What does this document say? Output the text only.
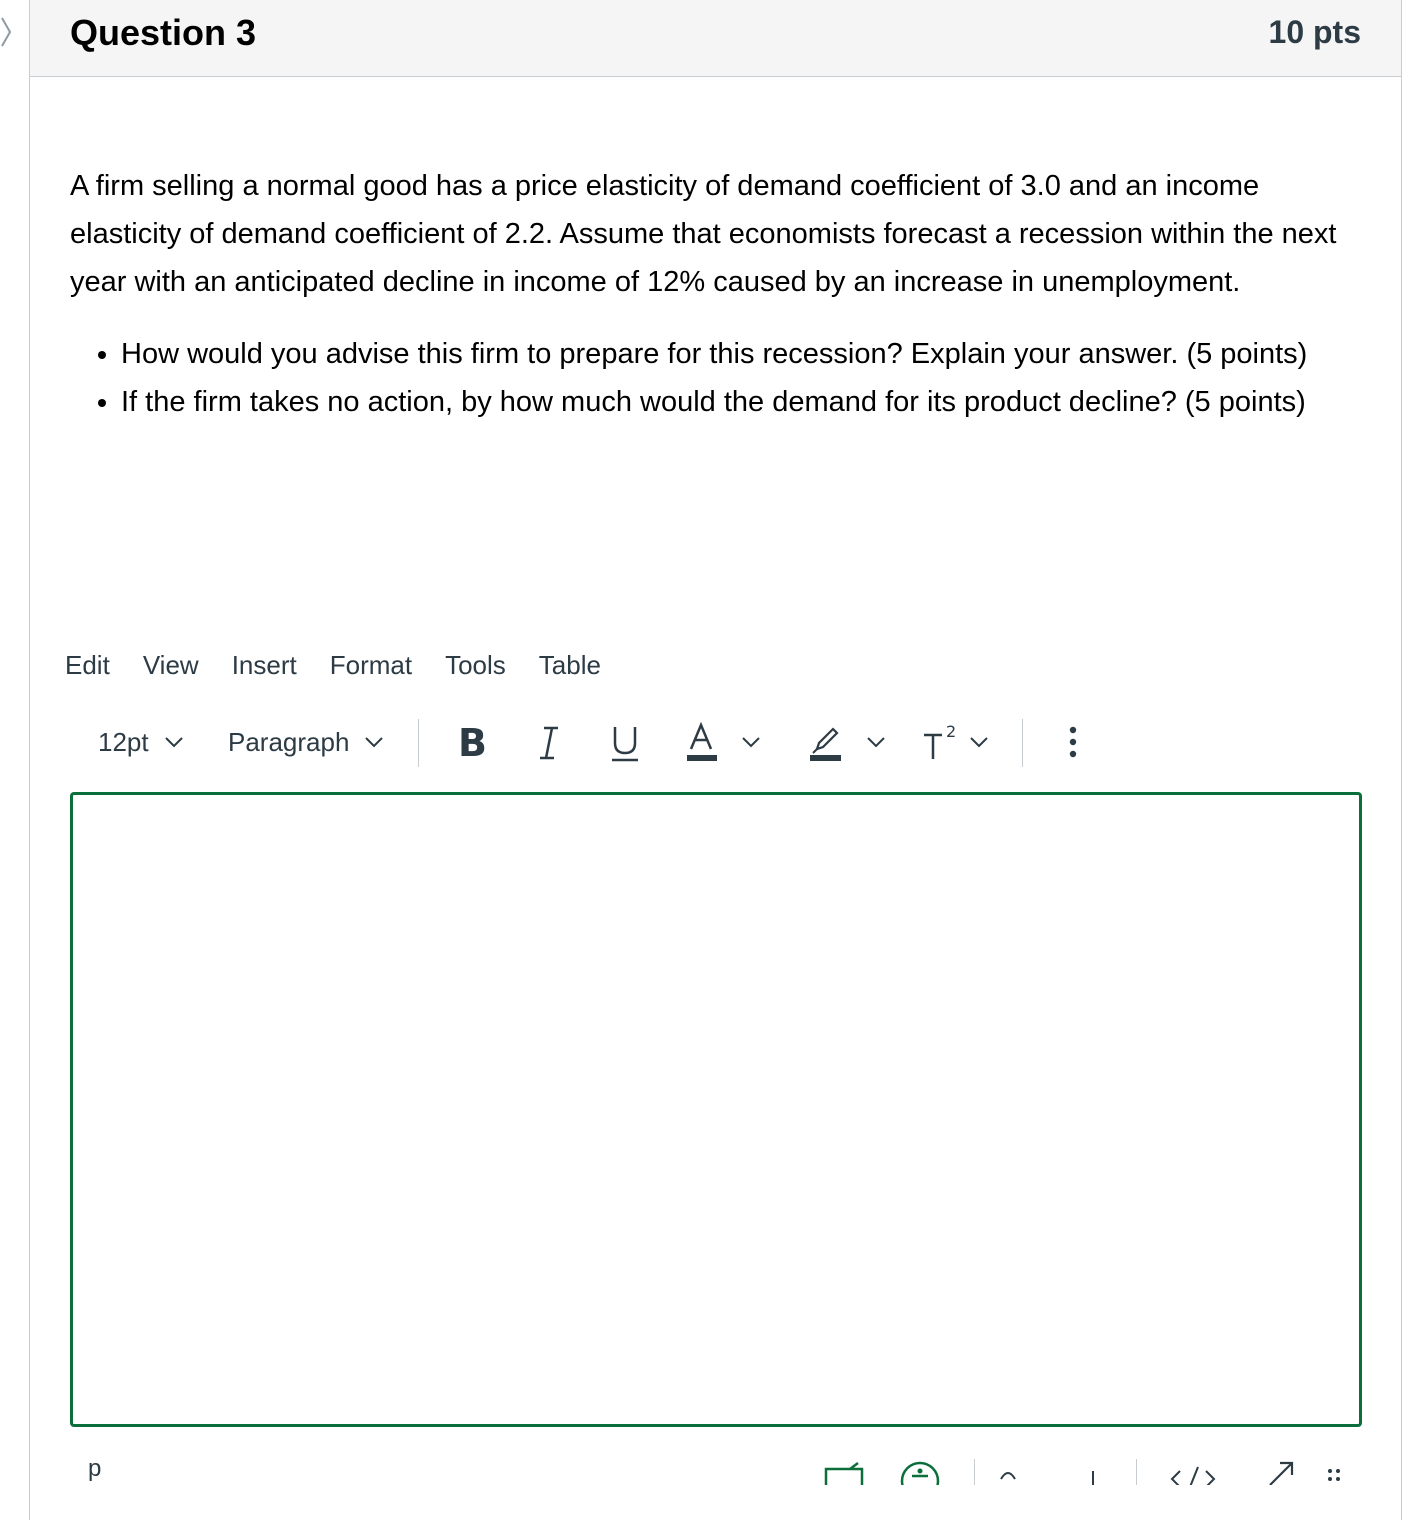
Question 3	10 pts

A firm selling a normal good has a price elasticity of demand coefficient of 3.0 and an income elasticity of demand coefficient of 2.2. Assume that economists forecast a recession within the next year with an anticipated decline in income of 12% caused by an increase in unemployment.

• How would you advise this firm to prepare for this recession? Explain your answer. (5 points)
• If the firm takes no action, by how much would the demand for its product decline? (5 points)
Edit View Insert Format Tools Table
12pt	Paragraph	B	2
p
